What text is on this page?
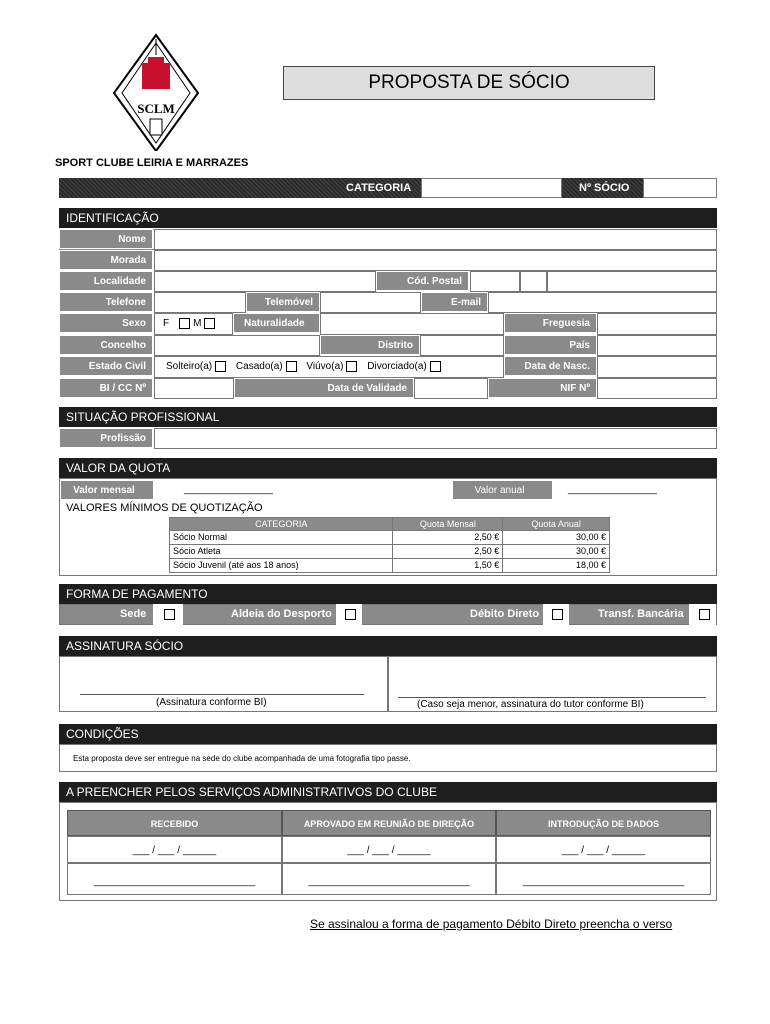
SCLM
PROPOSTA DE SÓCIO
SPORT CLUBE LEIRIA E MARRAZES
CATEGORIA	Nº SÓCIO
IDENTIFICAÇÃO
Nome
Morada
Localidade	Cód. Postal
Telefone	Telemóvel	E-mail
Sexo	F M	Naturalidade	Freguesia
Concelho	Distrito	País
Estado Civil	Solteiro(a) Casado(a) Viúvo(a) Divorciado(a)	Data de Nasc.
BI / CC Nº	Data de Validade	NIF Nº
SITUAÇÃO PROFISSIONAL
Profissão
VALOR DA QUOTA
Valor mensal	________________	Valor anual	________________
VALORES MÍNIMOS DE QUOTIZAÇÃO
CATEGORIA	Quota Mensal	Quota Anual
Sócio Normal	2,50 €	30,00 €
Sócio Atleta	2,50 €	30,00 €
Sócio Juvenil (até aos 18 anos)	1,50 €	18,00 €
FORMA DE PAGAMENTO
Sede	Aldeia do Desporto	Débito Direto	Transf. Bancária
ASSINATURA SÓCIO
(Assinatura conforme BI)	(Caso seja menor, assinatura do tutor conforme BI)
CONDIÇÕES
Esta proposta deve ser entregue na sede do clube acompanhada de uma fotografia tipo passe.
A PREENCHER PELOS SERVIÇOS ADMINISTRATIVOS DO CLUBE
RECEBIDO	APROVADO EM REUNIÃO DE DIREÇÃO	INTRODUÇÃO DE DADOS
___ / ___ / ______	___ / ___ / ______	___ / ___ / ______
_____________________________	_____________________________	_____________________________
Se assinalou a forma de pagamento Débito Direto preencha o verso
